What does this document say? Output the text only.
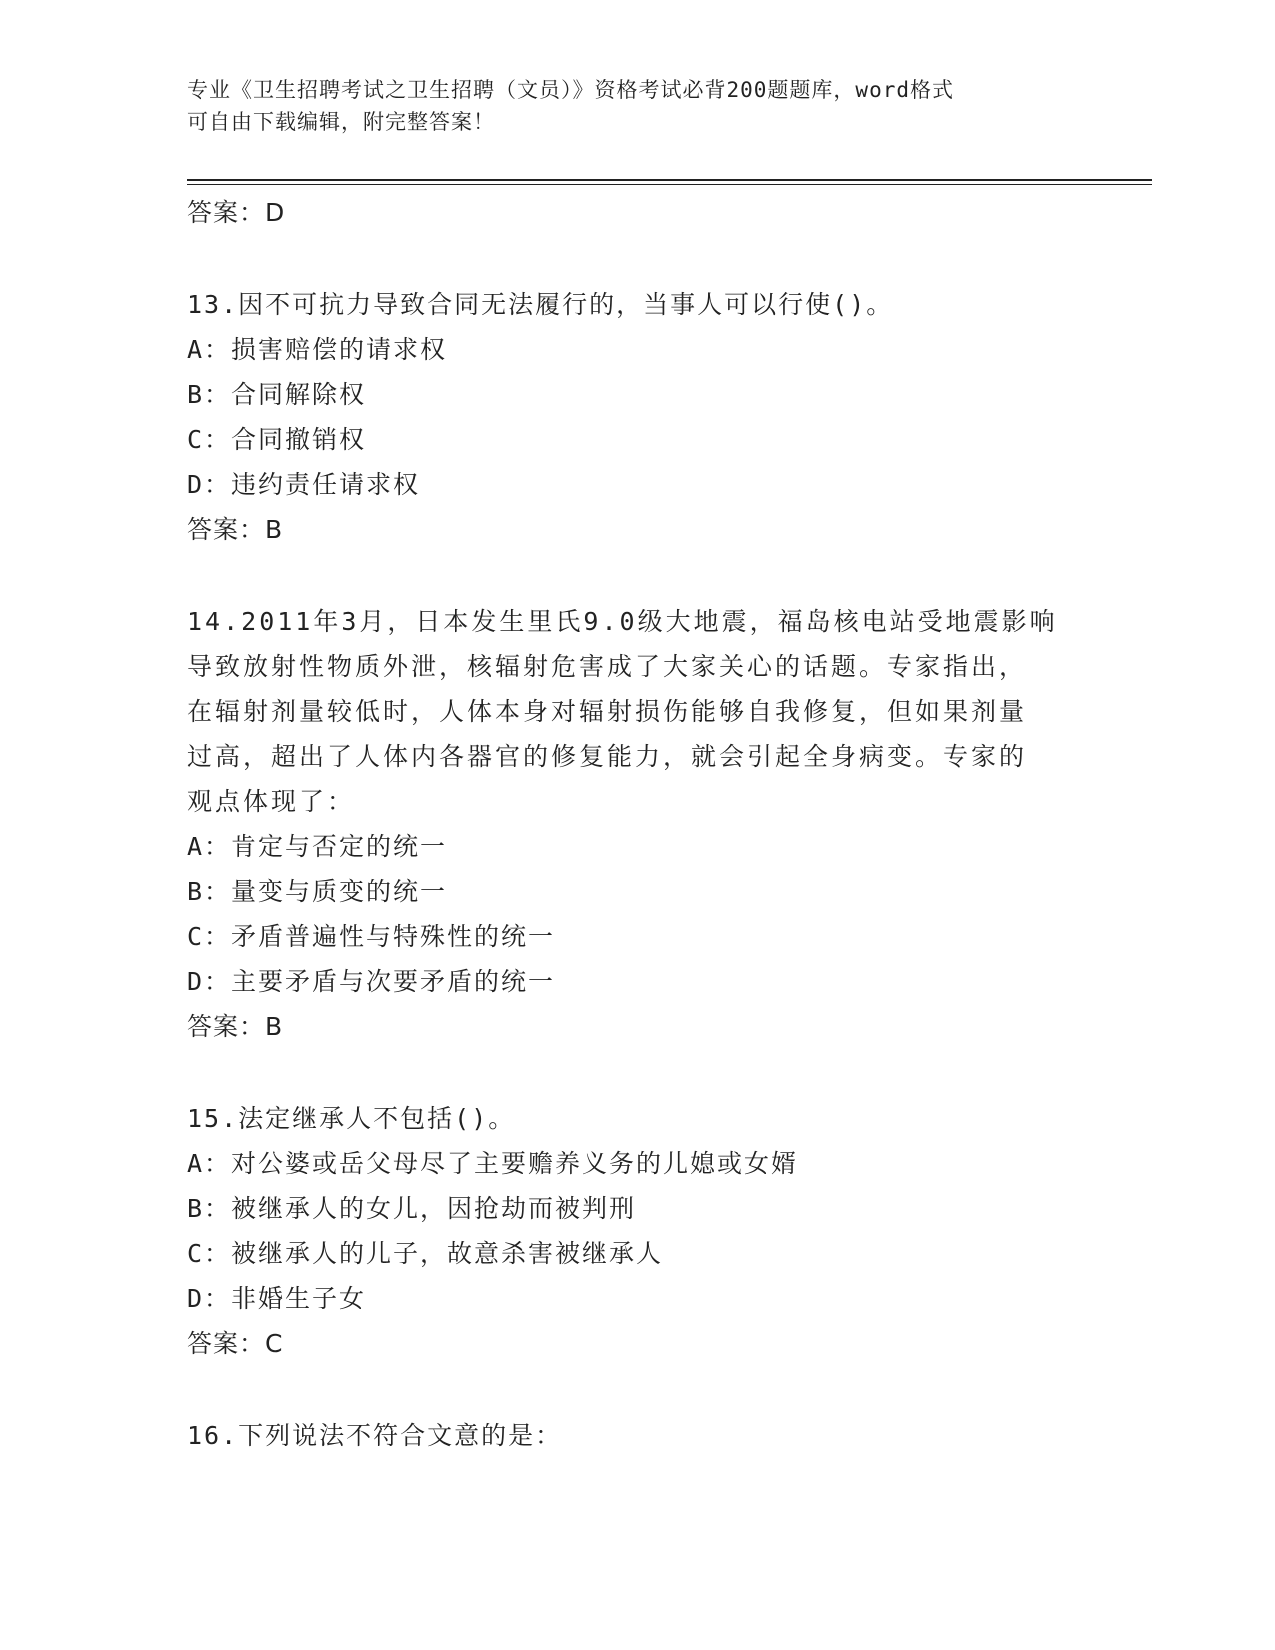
专业《卫生招聘考试之卫生招聘（文员）》资格考试必背200题题库，word格式
可自由下载编辑，附完整答案！
答案：D
13.因不可抗力导致合同无法履行的，当事人可以行使()。
A：损害赔偿的请求权
B：合同解除权
C：合同撤销权
D：违约责任请求权
答案：B
14.2011年3月，日本发生里氏9.0级大地震，福岛核电站受地震影响
导致放射性物质外泄，核辐射危害成了大家关心的话题。专家指出，
在辐射剂量较低时，人体本身对辐射损伤能够自我修复，但如果剂量
过高，超出了人体内各器官的修复能力，就会引起全身病变。专家的
观点体现了：
A：肯定与否定的统一
B：量变与质变的统一
C：矛盾普遍性与特殊性的统一
D：主要矛盾与次要矛盾的统一
答案：B
15.法定继承人不包括()。
A：对公婆或岳父母尽了主要赡养义务的儿媳或女婿
B：被继承人的女儿，因抢劫而被判刑
C：被继承人的儿子，故意杀害被继承人
D：非婚生子女
答案：C
16.下列说法不符合文意的是：
